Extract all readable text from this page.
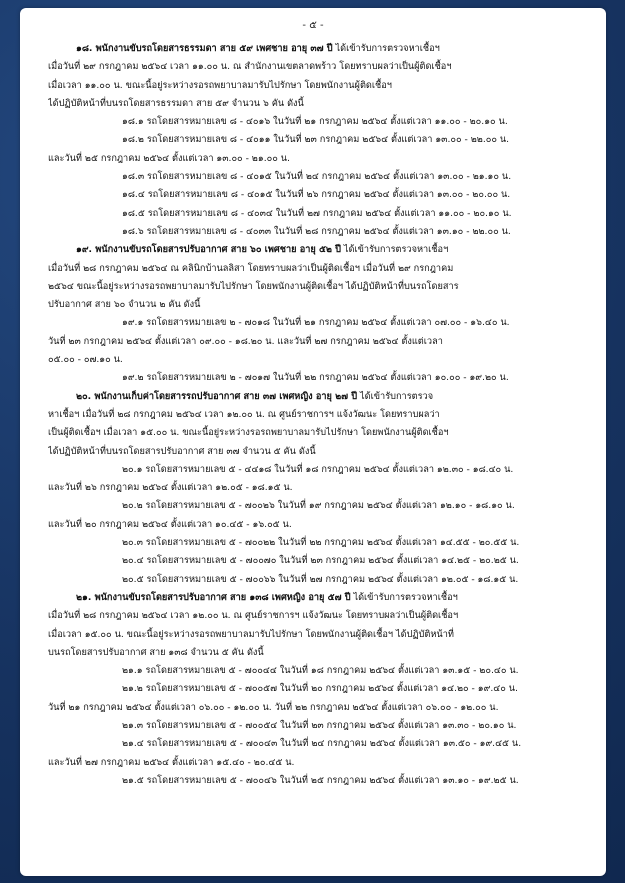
- ๕ -
๑๘. พนักงานขับรถโดยสารธรรมดา สาย ๕๙ เพศชาย อายุ ๓๗ ปี ได้เข้ารับการตรวจหาเชื้อฯ
เมื่อวันที่ ๒๙ กรกฎาคม ๒๕๖๔ เวลา ๑๑.๐๐ น. ณ สำนักงานเขตลาดพร้าว โดยทราบผลว่าเป็นผู้ติดเชื้อฯ
เมื่อเวลา ๑๑.๐๐ น. ขณะนี้อยู่ระหว่างรอรถพยาบาลมารับไปรักษา โดยพนักงานผู้ติดเชื้อฯ
ได้ปฏิบัติหน้าที่บนรถโดยสารธรรมดา สาย ๕๙ จำนวน ๖ คัน ดังนี้
๑๘.๑ รถโดยสารหมายเลข ๘ - ๔๐๑๖ ในวันที่ ๒๑ กรกฎาคม ๒๕๖๔ ตั้งแต่เวลา ๑๑.๐๐ - ๒๐.๑๐ น.
๑๘.๒ รถโดยสารหมายเลข ๘ - ๔๐๑๑ ในวันที่ ๒๓ กรกฎาคม ๒๕๖๔ ตั้งแต่เวลา ๑๓.๐๐ - ๒๒.๐๐ น.
และวันที่ ๒๕ กรกฎาคม ๒๕๖๔ ตั้งแต่เวลา ๑๓.๐๐ - ๒๑.๐๐ น.
๑๘.๓ รถโดยสารหมายเลข ๘ - ๔๐๑๕ ในวันที่ ๒๔ กรกฎาคม ๒๕๖๔ ตั้งแต่เวลา ๑๓.๐๐ - ๒๑.๑๐ น.
๑๘.๔ รถโดยสารหมายเลข ๘ - ๔๐๑๕ ในวันที่ ๒๖ กรกฎาคม ๒๕๖๔ ตั้งแต่เวลา ๑๓.๐๐ - ๒๐.๐๐ น.
๑๘.๕ รถโดยสารหมายเลข ๘ - ๔๐๓๔ ในวันที่ ๒๗ กรกฎาคม ๒๕๖๔ ตั้งแต่เวลา ๑๑.๐๐ - ๒๐.๑๐ น.
๑๘.๖ รถโดยสารหมายเลข ๘ - ๔๐๓๓ ในวันที่ ๒๘ กรกฎาคม ๒๕๖๔ ตั้งแต่เวลา ๑๓.๑๐ - ๒๒.๐๐ น.
๑๙. พนักงานขับรถโดยสารปรับอากาศ สาย ๖๐ เพศชาย อายุ ๕๒ ปี ได้เข้ารับการตรวจหาเชื้อฯ
เมื่อวันที่ ๒๘ กรกฎาคม ๒๕๖๔ ณ คลินิกบ้านลลิสา โดยทราบผลว่าเป็นผู้ติดเชื้อฯ เมื่อวันที่ ๒๙ กรกฎาคม
๒๕๖๔ ขณะนี้อยู่ระหว่างรอรถพยาบาลมารับไปรักษา โดยพนักงานผู้ติดเชื้อฯ ได้ปฏิบัติหน้าที่บนรถโดยสาร
ปรับอากาศ สาย ๖๐ จำนวน ๒ คัน ดังนี้
๑๙.๑ รถโดยสารหมายเลข ๒ - ๗๐๑๘ ในวันที่ ๒๑ กรกฎาคม ๒๕๖๔ ตั้งแต่เวลา ๐๗.๐๐ - ๑๖.๔๐ น.
วันที่ ๒๓ กรกฎาคม ๒๕๖๔ ตั้งแต่เวลา ๐๙.๐๐ - ๑๘.๒๐ น. และวันที่ ๒๗ กรกฎาคม ๒๕๖๔ ตั้งแต่เวลา
๐๕.๐๐ - ๐๗.๑๐ น.
๑๙.๒ รถโดยสารหมายเลข ๒ - ๗๐๑๗ ในวันที่ ๒๒ กรกฎาคม ๒๕๖๔ ตั้งแต่เวลา ๑๐.๐๐ - ๑๙.๒๐ น.
๒๐. พนักงานเก็บค่าโดยสารรถปรับอากาศ สาย ๓๗ เพศหญิง อายุ ๒๗ ปี ได้เข้ารับการตรวจ
หาเชื้อฯ เมื่อวันที่ ๒๘ กรกฎาคม ๒๕๖๔ เวลา ๑๒.๐๐ น. ณ ศูนย์ราชการฯ แจ้งวัฒนะ โดยทราบผลว่า
เป็นผู้ติดเชื้อฯ เมื่อเวลา ๑๕.๐๐ น. ขณะนี้อยู่ระหว่างรอรถพยาบาลมารับไปรักษา โดยพนักงานผู้ติดเชื้อฯ
ได้ปฏิบัติหน้าที่บนรถโดยสารปรับอากาศ สาย ๓๗ จำนวน ๕ คัน ดังนี้
๒๐.๑ รถโดยสารหมายเลข ๕ - ๔๔๑๘ ในวันที่ ๑๘ กรกฎาคม ๒๕๖๔ ตั้งแต่เวลา ๑๒.๓๐ - ๑๘.๔๐ น.
และวันที่ ๒๖ กรกฎาคม ๒๕๖๔ ตั้งแต่เวลา ๑๒.๐๕ - ๑๘.๑๕ น.
๒๐.๒ รถโดยสารหมายเลข ๕ - ๗๐๐๒๖ ในวันที่ ๑๙ กรกฎาคม ๒๕๖๔ ตั้งแต่เวลา ๑๒.๑๐ - ๑๘.๑๐ น.
และวันที่ ๒๐ กรกฎาคม ๒๕๖๔ ตั้งแต่เวลา ๑๐.๔๕ - ๑๖.๐๕ น.
๒๐.๓ รถโดยสารหมายเลข ๕ - ๗๐๐๒๒ ในวันที่ ๒๒ กรกฎาคม ๒๕๖๔ ตั้งแต่เวลา ๑๔.๕๕ - ๒๐.๕๕ น.
๒๐.๔ รถโดยสารหมายเลข ๕ - ๗๐๐๗๐ ในวันที่ ๒๓ กรกฎาคม ๒๕๖๔ ตั้งแต่เวลา ๑๔.๒๕ - ๒๐.๒๕ น.
๒๐.๕ รถโดยสารหมายเลข ๕ - ๗๐๐๖๖ ในวันที่ ๒๗ กรกฎาคม ๒๕๖๔ ตั้งแต่เวลา ๑๒.๐๕ - ๑๘.๑๕ น.
๒๑. พนักงานขับรถโดยสารปรับอากาศ สาย ๑๓๘ เพศหญิง อายุ ๕๗ ปี ได้เข้ารับการตรวจหาเชื้อฯ
เมื่อวันที่ ๒๘ กรกฎาคม ๒๕๖๔ เวลา ๑๒.๐๐ น. ณ ศูนย์ราชการฯ แจ้งวัฒนะ โดยทราบผลว่าเป็นผู้ติดเชื้อฯ
เมื่อเวลา ๑๕.๐๐ น. ขณะนี้อยู่ระหว่างรอรถพยาบาลมารับไปรักษา โดยพนักงานผู้ติดเชื้อฯ ได้ปฏิบัติหน้าที่
บนรถโดยสารปรับอากาศ สาย ๑๓๘ จำนวน ๕ คัน ดังนี้
๒๑.๑ รถโดยสารหมายเลข ๕ - ๗๐๐๔๔ ในวันที่ ๑๘ กรกฎาคม ๒๕๖๔ ตั้งแต่เวลา ๑๓.๑๕ - ๒๐.๔๐ น.
๒๑.๒ รถโดยสารหมายเลข ๕ - ๗๐๐๕๗ ในวันที่ ๒๐ กรกฎาคม ๒๕๖๔ ตั้งแต่เวลา ๑๔.๒๐ - ๑๙.๔๐ น.
วันที่ ๒๑ กรกฎาคม ๒๕๖๔ ตั้งแต่เวลา ๐๖.๐๐ - ๑๒.๐๐ น. วันที่ ๒๒ กรกฎาคม ๒๕๖๔ ตั้งแต่เวลา ๐๖.๐๐ - ๑๒.๐๐ น.
๒๑.๓ รถโดยสารหมายเลข ๕ - ๗๐๐๕๔ ในวันที่ ๒๓ กรกฎาคม ๒๕๖๔ ตั้งแต่เวลา ๑๓.๓๐ - ๒๐.๑๐ น.
๒๑.๔ รถโดยสารหมายเลข ๕ - ๗๐๐๔๓ ในวันที่ ๒๔ กรกฎาคม ๒๕๖๔ ตั้งแต่เวลา ๑๓.๕๐ - ๑๙.๔๕ น.
และวันที่ ๒๗ กรกฎาคม ๒๕๖๔ ตั้งแต่เวลา ๑๕.๔๐ - ๒๐.๔๕ น.
๒๑.๕ รถโดยสารหมายเลข ๕ - ๗๐๐๔๖ ในวันที่ ๒๕ กรกฎาคม ๒๕๖๔ ตั้งแต่เวลา ๑๓.๑๐ - ๑๙.๒๕ น.
